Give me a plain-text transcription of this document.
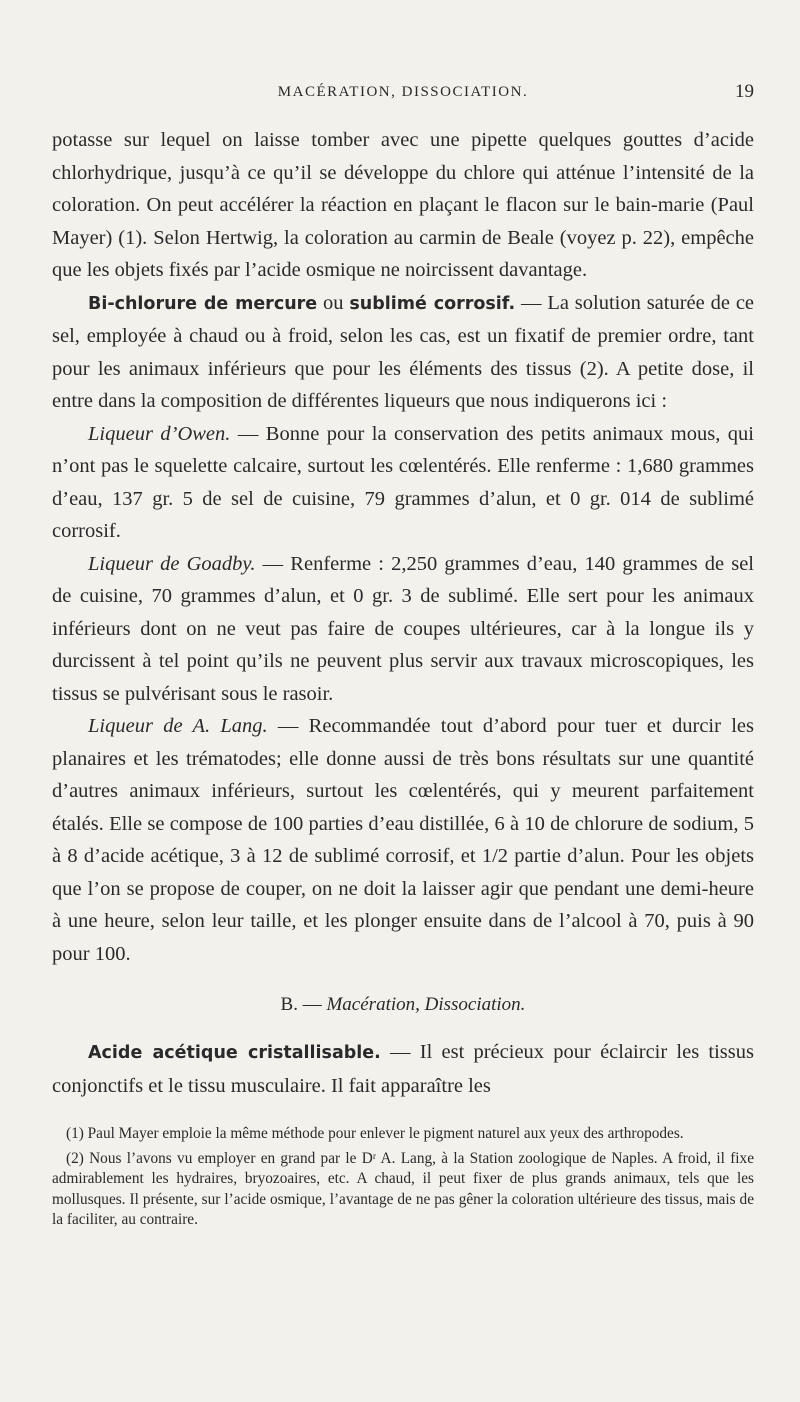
MACÉRATION, DISSOCIATION.	19

potasse sur lequel on laisse tomber avec une pipette quelques gouttes d’acide chlorhydrique, jusqu’à ce qu’il se développe du chlore qui atténue l’intensité de la coloration. On peut accélérer la réaction en plaçant le flacon sur le bain-marie (Paul Mayer) (1). Selon Hertwig, la coloration au carmin de Beale (voyez p. 22), empêche que les objets fixés par l’acide osmique ne noircissent davantage.

Bi-chlorure de mercure ou sublimé corrosif. — La solution saturée de ce sel, employée à chaud ou à froid, selon les cas, est un fixatif de premier ordre, tant pour les animaux inférieurs que pour les éléments des tissus (2). A petite dose, il entre dans la composition de différentes liqueurs que nous indiquerons ici :

Liqueur d’Owen. — Bonne pour la conservation des petits animaux mous, qui n’ont pas le squelette calcaire, surtout les cœlentérés. Elle renferme : 1,680 grammes d’eau, 137 gr. 5 de sel de cuisine, 79 grammes d’alun, et 0 gr. 014 de sublimé corrosif.

Liqueur de Goadby. — Renferme : 2,250 grammes d’eau, 140 grammes de sel de cuisine, 70 grammes d’alun, et 0 gr. 3 de sublimé. Elle sert pour les animaux inférieurs dont on ne veut pas faire de coupes ultérieures, car à la longue ils y durcissent à tel point qu’ils ne peuvent plus servir aux travaux microscopiques, les tissus se pulvérisant sous le rasoir.

Liqueur de A. Lang. — Recommandée tout d’abord pour tuer et durcir les planaires et les trématodes; elle donne aussi de très bons résultats sur une quantité d’autres animaux inférieurs, surtout les cœlentérés, qui y meurent parfaitement étalés. Elle se compose de 100 parties d’eau distillée, 6 à 10 de chlorure de sodium, 5 à 8 d’acide acétique, 3 à 12 de sublimé corrosif, et 1/2 partie d’alun. Pour les objets que l’on se propose de couper, on ne doit la laisser agir que pendant une demi-heure à une heure, selon leur taille, et les plonger ensuite dans de l’alcool à 70, puis à 90 pour 100.

B. — Macération, Dissociation.

Acide acétique cristallisable. — Il est précieux pour éclaircir les tissus conjonctifs et le tissu musculaire. Il fait apparaître les

(1) Paul Mayer emploie la même méthode pour enlever le pigment naturel aux yeux des arthropodes.

(2) Nous l’avons vu employer en grand par le Dʳ A. Lang, à la Station zoologique de Naples. A froid, il fixe admirablement les hydraires, bryozoaires, etc. A chaud, il peut fixer de plus grands animaux, tels que les mollusques. Il présente, sur l’acide osmique, l’avantage de ne pas gêner la coloration ultérieure des tissus, mais de la faciliter, au contraire.
